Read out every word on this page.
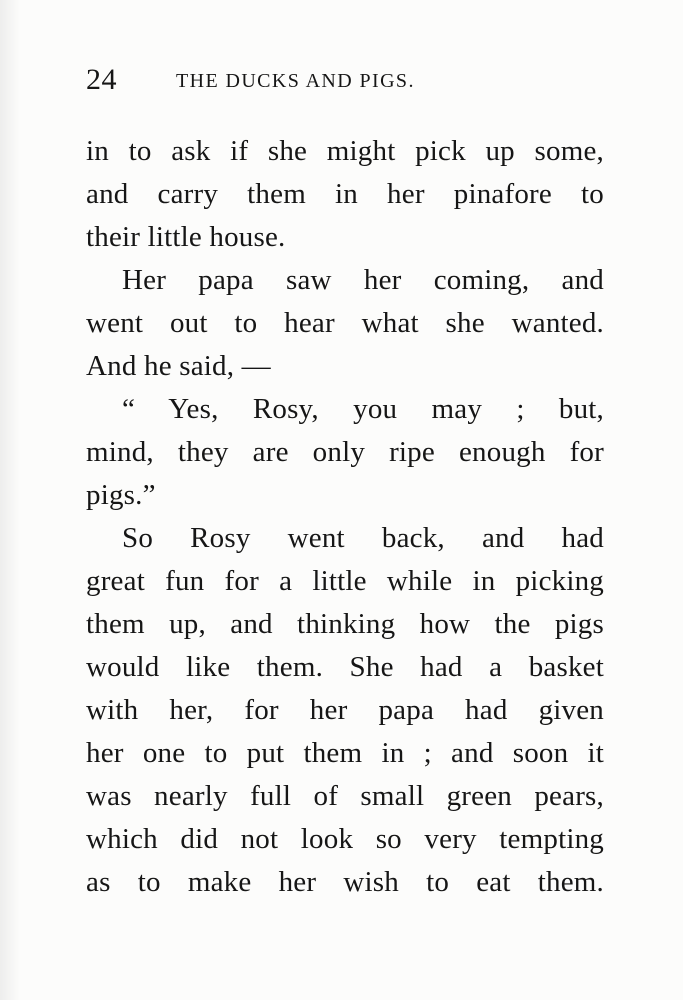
24	THE DUCKS AND PIGS.
in to ask if she might pick up some,
and carry them in her pinafore to
their little house.
Her papa saw her coming, and
went out to hear what she wanted.
And he said, —
“ Yes, Rosy, you may ; but,
mind, they are only ripe enough for
pigs.”
So Rosy went back, and had
great fun for a little while in picking
them up, and thinking how the pigs
would like them. She had a basket
with her, for her papa had given
her one to put them in ; and soon it
was nearly full of small green pears,
which did not look so very tempting
as to make her wish to eat them.
